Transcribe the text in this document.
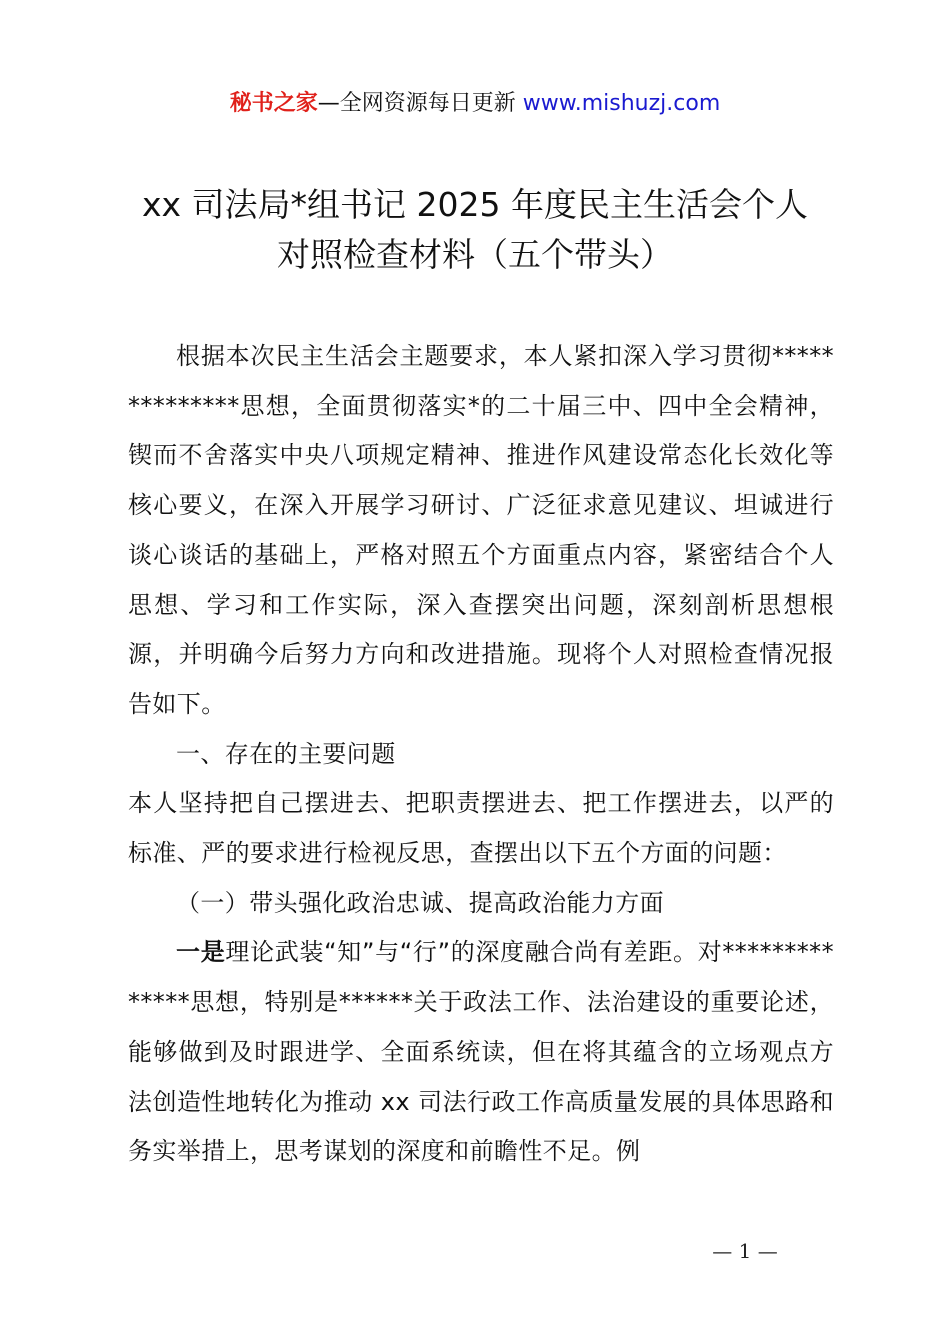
秘书之家—全网资源每日更新 www.mishuzj.com
xx 司法局*组书记 2025 年度民主生活会个人
对照检查材料（五个带头）

根据本次民主生活会主题要求，本人紧扣深入学习贯彻**************思想，全面贯彻落实*的二十届三中、四中全会精神，锲而不舍落实中央八项规定精神、推进作风建设常态化长效化等核心要义，在深入开展学习研讨、广泛征求意见建议、坦诚进行谈心谈话的基础上，严格对照五个方面重点内容，紧密结合个人思想、学习和工作实际，深入查摆突出问题，深刻剖析思想根源，并明确今后努力方向和改进措施。现将个人对照检查情况报告如下。

一、存在的主要问题

本人坚持把自己摆进去、把职责摆进去、把工作摆进去，以严的标准、严的要求进行检视反思，查摆出以下五个方面的问题：

（一）带头强化政治忠诚、提高政治能力方面

一是理论武装“知”与“行”的深度融合尚有差距。对**************思想，特别是******关于政法工作、法治建设的重要论述，能够做到及时跟进学、全面系统读，但在将其蕴含的立场观点方法创造性地转化为推动 xx 司法行政工作高质量发展的具体思路和务实举措上，思考谋划的深度和前瞻性不足。例

— 1 —
